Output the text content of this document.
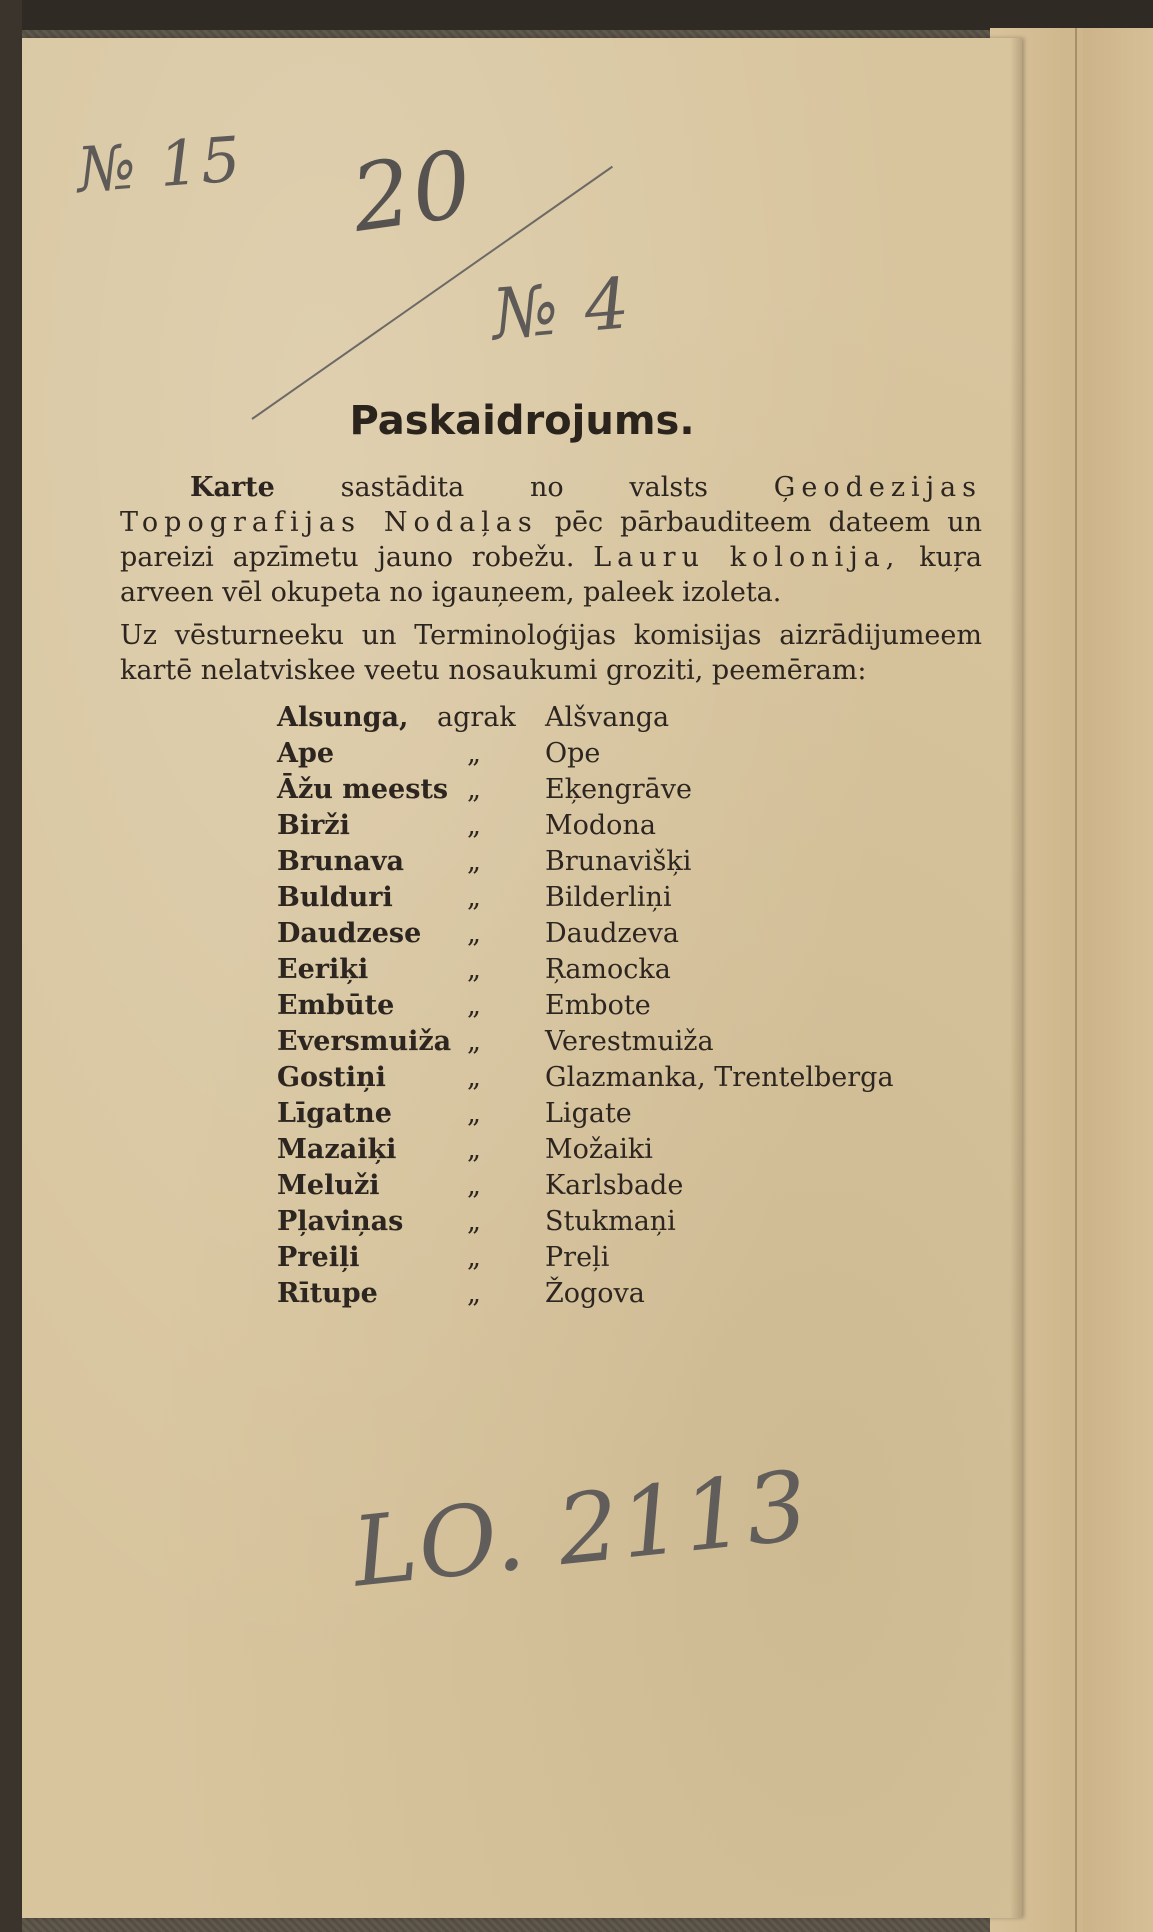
№ 15 20
№ 4
Paskaidrojums.

Karte sastādita no valsts Ģeodezijas Topografijas Nodaļas pēc pārbauditeem dateem un pareizi apzīmetu jauno robežu. Lauru kolonija, kuŗa arveen vēl okupeta no igauņeem, paleek izoleta.

Uz vēsturneeku un Terminoloģijas komisijas aizrādijumeem kartē nelatviskee veetu nosaukumi groziti, peemēram:

Alsunga, agrak Alšvanga
Ape	„ Ope
Āžu meests „ Eķengrāve
Birži	„ Modona
Brunava „ Brunavišķi
Bulduri	„ Bilderliņi
Daudzese „ Daudzeva
Eeriķi	„ Ŗamocka
Embūte	„ Embote
Eversmuiža „ Verestmuiža
Gostiņi	„ Glazmanka, Trentelberga
Līgatne	„ Ligate
Mazaiķi	„ Možaiki
Meluži	„ Karlsbade
Pļaviņas „ Stukmaņi
Preiļi	„ Preļi
Rītupe	„ Žogova
LO. 2113
